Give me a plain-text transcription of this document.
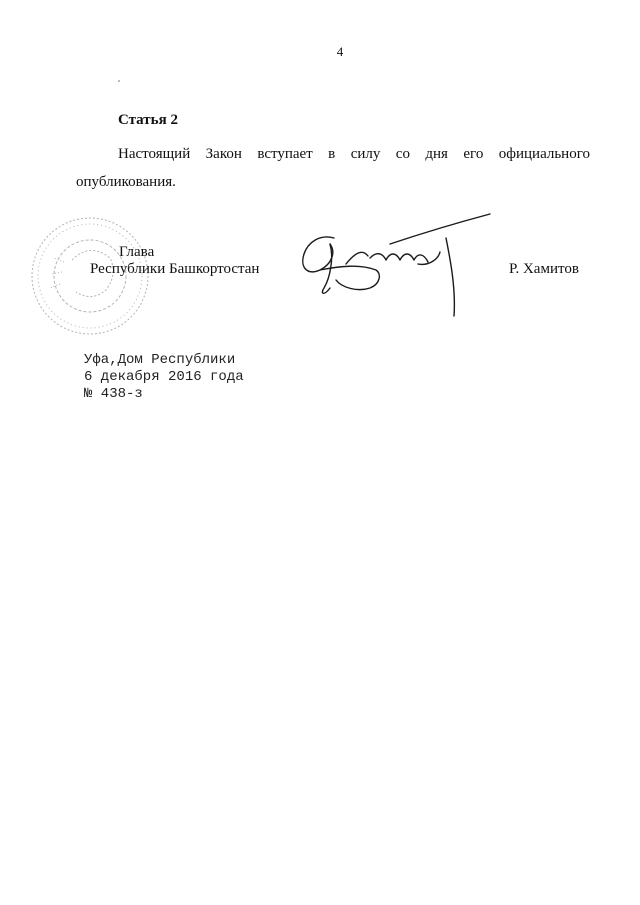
4
Статья 2
Настоящий Закон вступает в силу со дня его официального
опубликования.
Глава
Республики Башкортостан	Р. Хамитов
Уфа,Дом Республики
6 декабря 2016 года
№ 438-з
